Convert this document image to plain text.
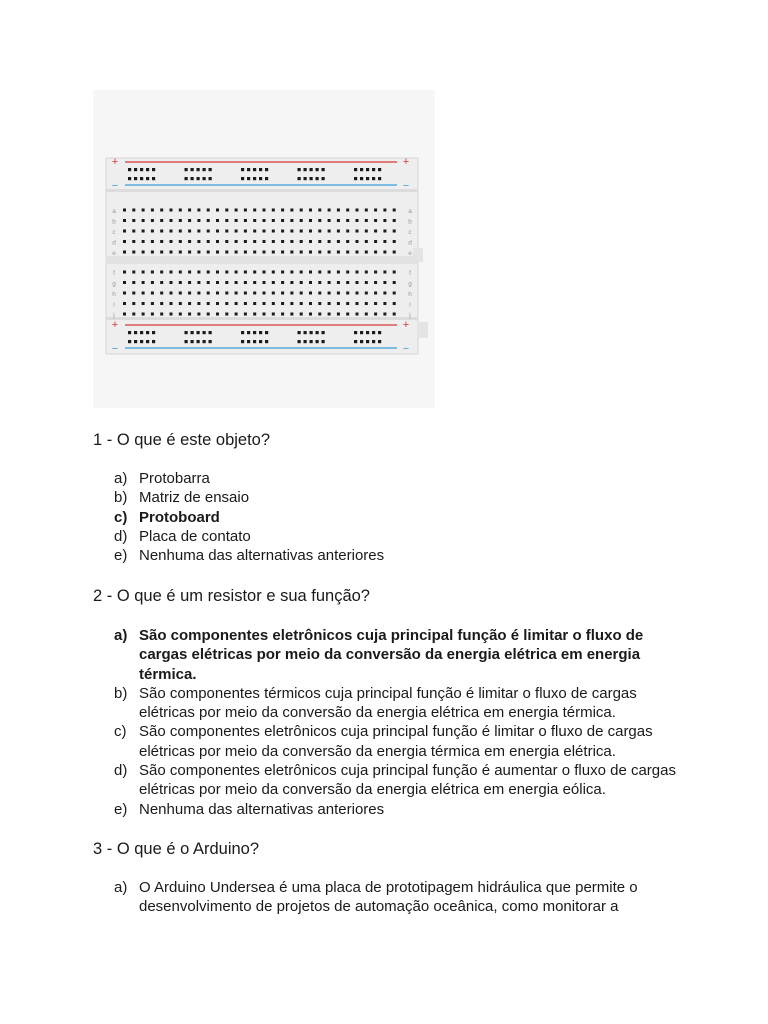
+	+
−	−
+	+
−	−
a	a
b	b
c	c
d	d
e	e
f	f
g	g
h	h
i	i
j	j
1 - O que é este objeto?
a) Protobarra
b) Matriz de ensaio
c) Protoboard
d) Placa de contato
e) Nenhuma das alternativas anteriores
2 - O que é um resistor e sua função?
a) São componentes eletrônicos cuja principal função é limitar o fluxo de cargas elétricas por meio da conversão da energia elétrica em energia térmica.
b) São componentes térmicos cuja principal função é limitar o fluxo de cargas elétricas por meio da conversão da energia elétrica em energia térmica.
c) São componentes eletrônicos cuja principal função é limitar o fluxo de cargas elétricas por meio da conversão da energia térmica em energia elétrica.
d) São componentes eletrônicos cuja principal função é aumentar o fluxo de cargas elétricas por meio da conversão da energia elétrica em energia eólica.
e) Nenhuma das alternativas anteriores
3 - O que é o Arduino?
a) O Arduino Undersea é uma placa de prototipagem hidráulica que permite o desenvolvimento de projetos de automação oceânica, como monitorar a
